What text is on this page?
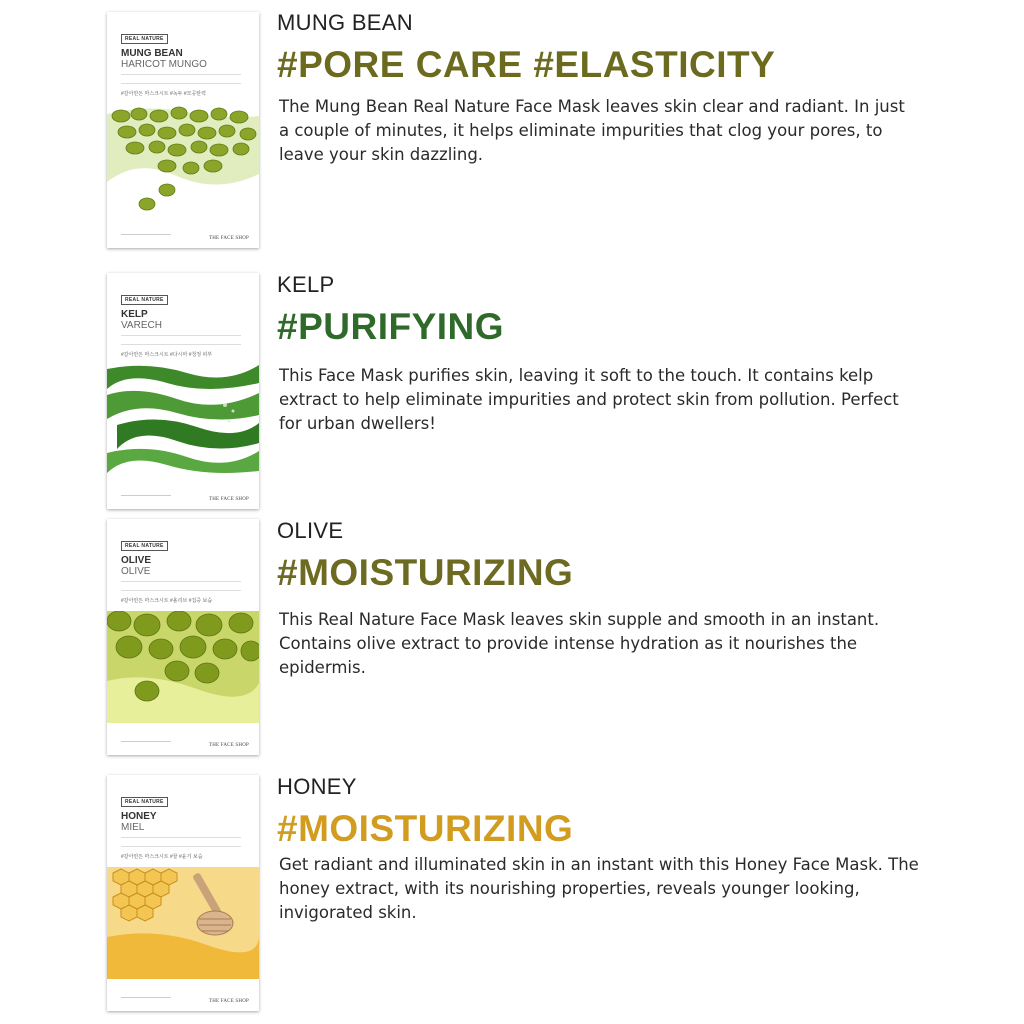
REAL NATURE
MUNG BEAN
HARICOT MUNGO
#갈아만든 마스크시트 #녹두 #모공탄력
THE FACE SHOP
MUNG BEAN
#PORE CARE #ELASTICITY
The Mung Bean Real Nature Face Mask leaves skin clear and radiant. In just a couple of minutes, it helps eliminate impurities that clog your pores, to leave your skin dazzling.
REAL NATURE
KELP
VARECH
#갈아만든 마스크시트 #다시마 #청정 피부
THE FACE SHOP
KELP
#PURIFYING
This Face Mask purifies skin, leaving it soft to the touch. It contains kelp extract to help eliminate impurities and protect skin from pollution. Perfect for urban dwellers!
REAL NATURE
OLIVE
OLIVE
#갈아만든 마스크시트 #올리브 #집중 보습
THE FACE SHOP
OLIVE
#MOISTURIZING
This Real Nature Face Mask leaves skin supple and smooth in an instant. Contains olive extract to provide intense hydration as it nourishes the epidermis.
REAL NATURE
HONEY
MIEL
#갈아만든 마스크시트 #꿀 #윤기 보습
THE FACE SHOP
HONEY
#MOISTURIZING
Get radiant and illuminated skin in an instant with this Honey Face Mask. The honey extract, with its nourishing properties, reveals younger looking, invigorated skin.
